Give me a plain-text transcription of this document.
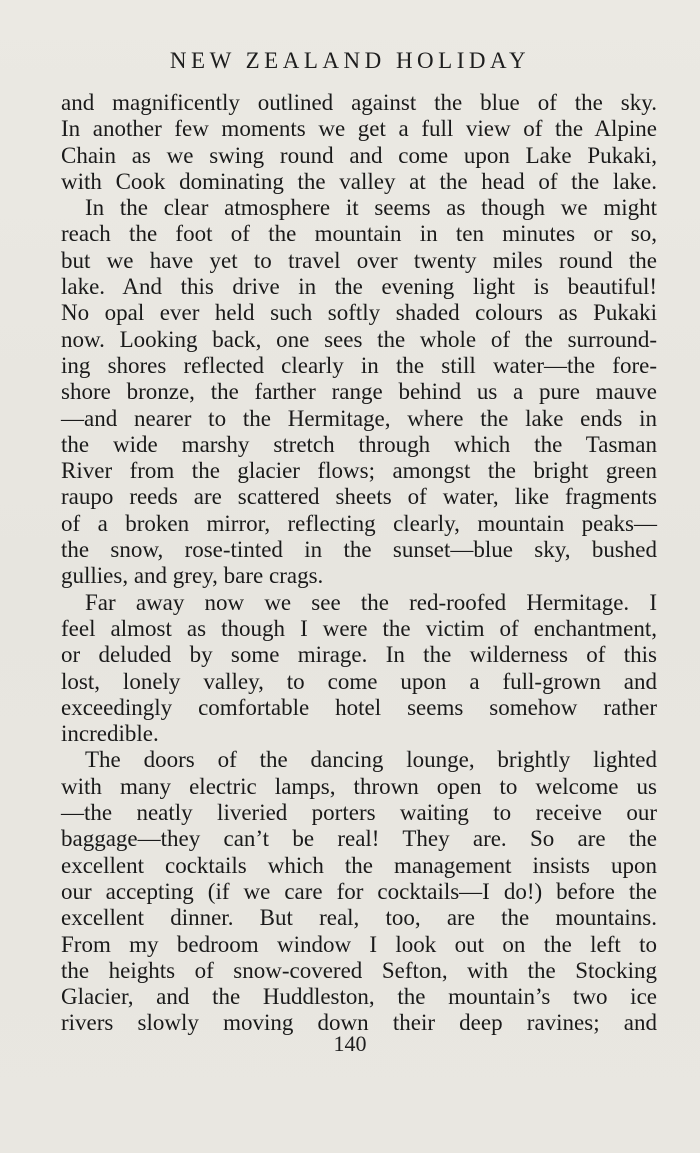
NEW ZEALAND HOLIDAY
and magnificently outlined against the blue of the sky.
In another few moments we get a full view of the Alpine
Chain as we swing round and come upon Lake Pukaki,
with Cook dominating the valley at the head of the lake.
In the clear atmosphere it seems as though we might
reach the foot of the mountain in ten minutes or so,
but we have yet to travel over twenty miles round the
lake. And this drive in the evening light is beautiful!
No opal ever held such softly shaded colours as Pukaki
now. Looking back, one sees the whole of the surround-
ing shores reflected clearly in the still water—the fore-
shore bronze, the farther range behind us a pure mauve
—and nearer to the Hermitage, where the lake ends in
the wide marshy stretch through which the Tasman
River from the glacier flows; amongst the bright green
raupo reeds are scattered sheets of water, like fragments
of a broken mirror, reflecting clearly, mountain peaks—
the snow, rose-tinted in the sunset—blue sky, bushed
gullies, and grey, bare crags.
Far away now we see the red-roofed Hermitage. I
feel almost as though I were the victim of enchantment,
or deluded by some mirage. In the wilderness of this
lost, lonely valley, to come upon a full-grown and
exceedingly comfortable hotel seems somehow rather
incredible.
The doors of the dancing lounge, brightly lighted
with many electric lamps, thrown open to welcome us
—the neatly liveried porters waiting to receive our
baggage—they can’t be real! They are. So are the
excellent cocktails which the management insists upon
our accepting (if we care for cocktails—I do!) before the
excellent dinner. But real, too, are the mountains.
From my bedroom window I look out on the left to
the heights of snow-covered Sefton, with the Stocking
Glacier, and the Huddleston, the mountain’s two ice
rivers slowly moving down their deep ravines; and
140
